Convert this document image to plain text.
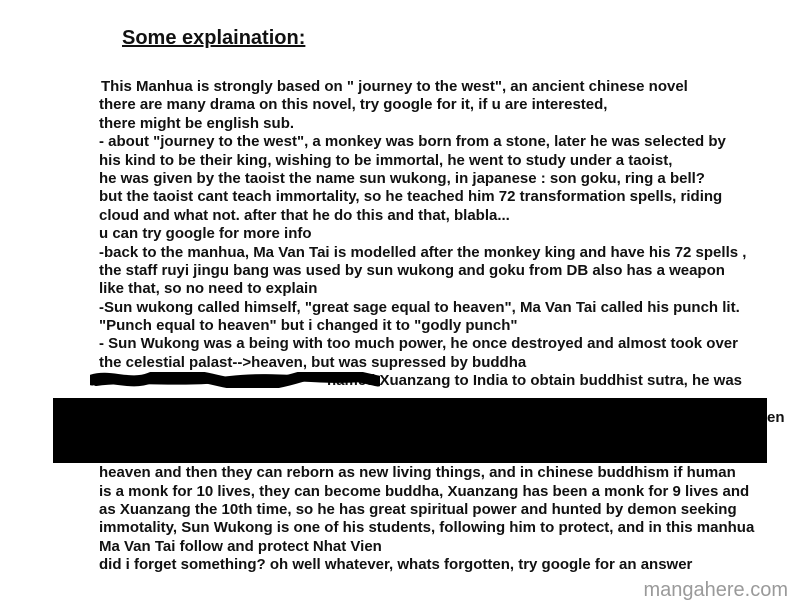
Some explaination:
This Manhua is strongly based on " journey to the west", an ancient chinese novel
there are many drama on this novel, try google for it, if u are interested,
there might be english sub.
- about "journey to the west", a monkey was born from a stone, later he was selected by
his kind to be their king, wishing to be immortal, he went to study under a taoist,
he was given by the taoist the name sun wukong, in japanese : son goku, ring a bell?
but the taoist cant teach immortality, so he teached him 72 transformation spells, riding
cloud and what not. after that he do this and that, blabla...
u can try google for more info
-back to the manhua, Ma Van Tai is modelled after the monkey king and have his 72 spells ,
the staff ruyi jingu bang was used by sun wukong and goku from DB also has a weapon
like that, so no need to explain
-Sun wukong called himself, "great sage equal to heaven", Ma Van Tai called his punch lit.
"Punch equal to heaven" but i changed it to "godly punch"
- Sun Wukong was a being with too much power, he once destroyed and almost took over
the celestial palast-->heaven, but was supressed by buddha
named Xuanzang to India to obtain buddhist sutra, he was
en
heaven and then they can reborn as new living things, and in chinese buddhism if human
is a monk for 10 lives, they can become buddha, Xuanzang has been a monk for 9 lives and
as Xuanzang the 10th time, so he has great spiritual power and hunted by demon seeking
immotality, Sun Wukong is one of his students, following him to protect, and in this manhua
Ma Van Tai follow and protect Nhat Vien
did i forget something? oh well whatever, whats forgotten, try google for an answer
mangahere.com
